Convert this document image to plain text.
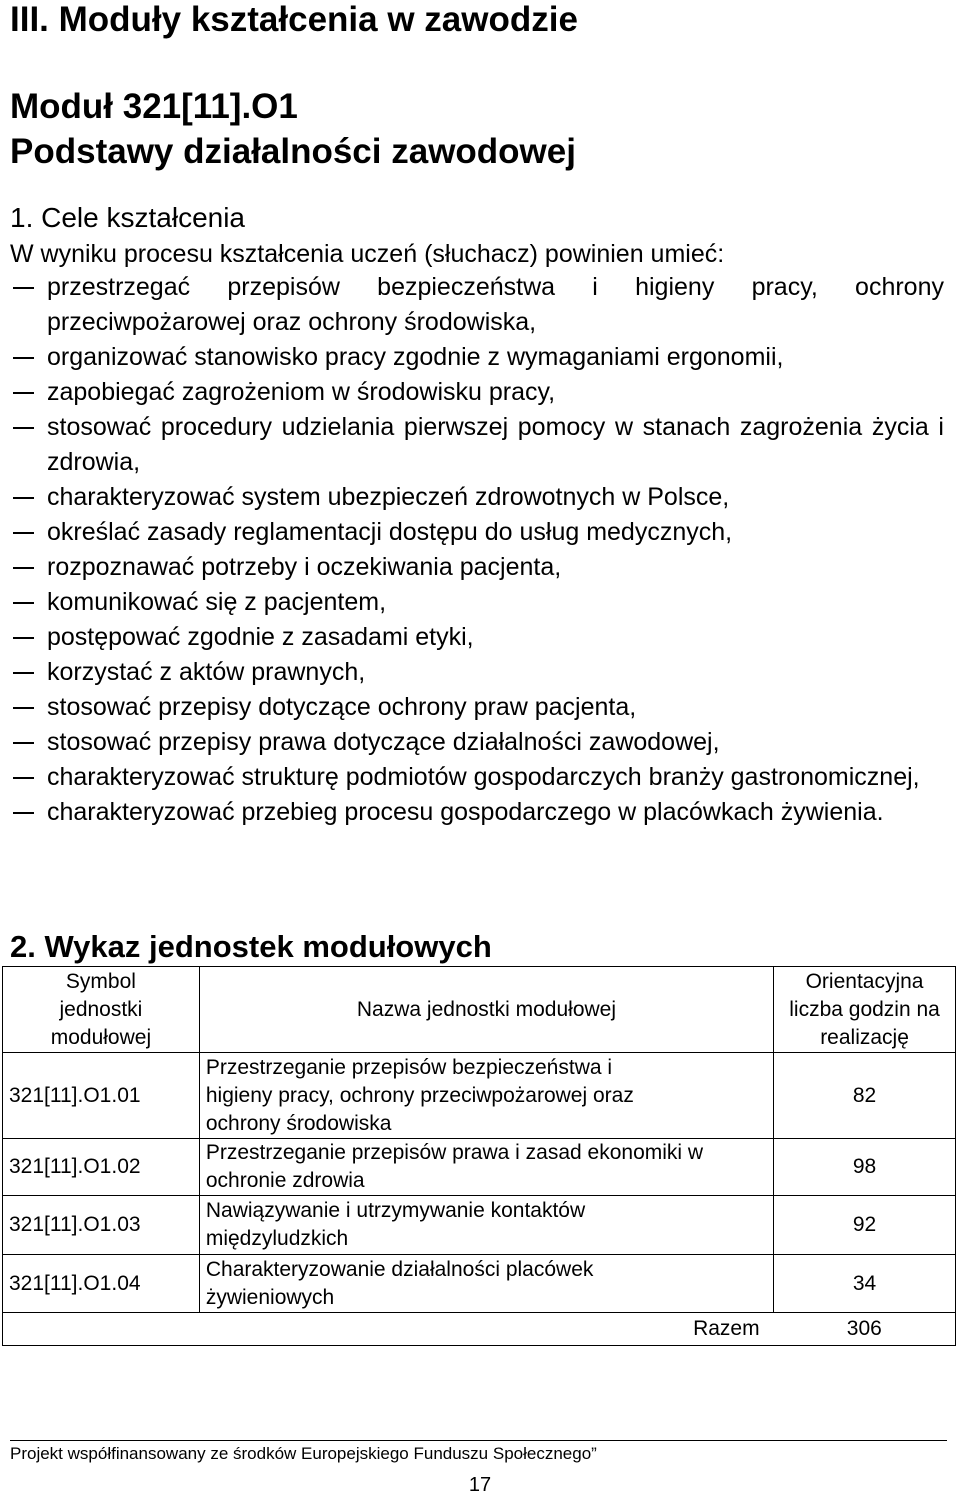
III. Moduły kształcenia w zawodzie
Moduł 321[11].O1
Podstawy działalności zawodowej
1. Cele kształcenia
W wyniku procesu kształcenia uczeń (słuchacz) powinien umieć:
przestrzegać przepisów bezpieczeństwa i higieny pracy, ochrony przeciwpożarowej oraz ochrony środowiska,
organizować stanowisko pracy zgodnie z wymaganiami ergonomii,
zapobiegać zagrożeniom w środowisku pracy,
stosować procedury udzielania pierwszej pomocy w stanach zagrożenia życia i zdrowia,
charakteryzować system ubezpieczeń zdrowotnych w Polsce,
określać zasady reglamentacji dostępu do usług medycznych,
rozpoznawać potrzeby i oczekiwania pacjenta,
komunikować się z pacjentem,
postępować zgodnie z zasadami etyki,
korzystać z aktów prawnych,
stosować przepisy dotyczące ochrony praw pacjenta,
stosować przepisy prawa dotyczące działalności zawodowej,
charakteryzować strukturę podmiotów gospodarczych branży gastronomicznej,
charakteryzować przebieg procesu gospodarczego w placówkach żywienia.
2. Wykaz jednostek modułowych
Symbol jednostki modułowej	Nazwa jednostki modułowej	Orientacyjna liczba godzin na realizację
321[11].O1.01	Przestrzeganie przepisów bezpieczeństwa i higieny pracy, ochrony przeciwpożarowej oraz ochrony środowiska	82
321[11].O1.02	Przestrzeganie przepisów prawa i zasad ekonomiki w ochronie zdrowia	98
321[11].O1.03	Nawiązywanie i utrzymywanie kontaktów międzyludzkich	92
321[11].O1.04	Charakteryzowanie działalności placówek żywieniowych	34
Razem		306
Projekt współfinansowany ze środków Europejskiego Funduszu Społecznego”
17
